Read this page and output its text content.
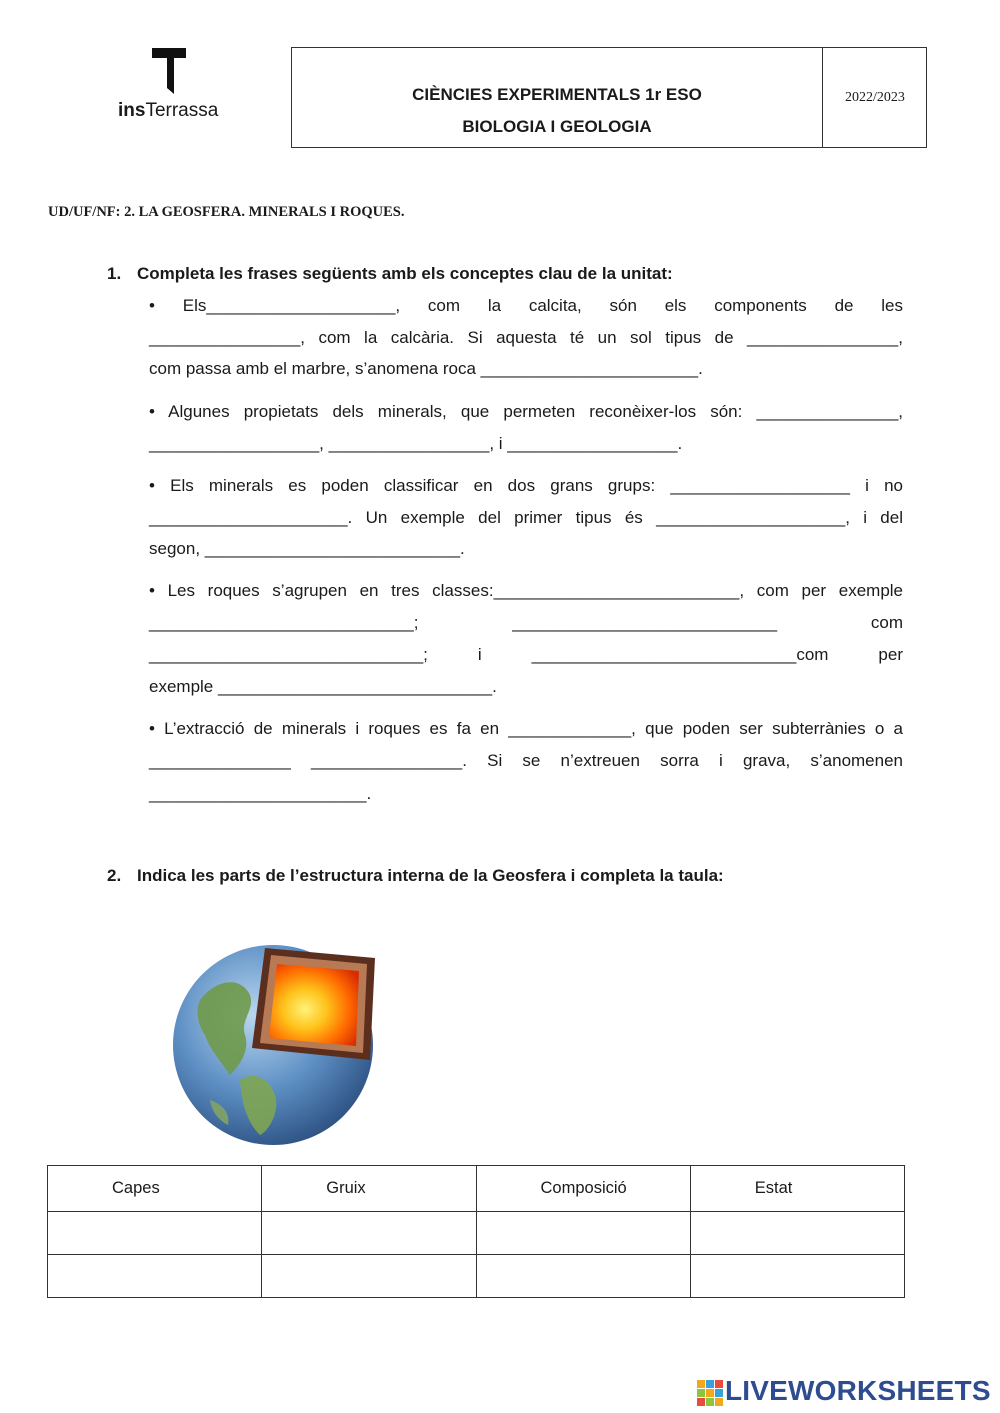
insTerrassa
CIÈNCIES EXPERIMENTALS 1r ESO
BIOLOGIA I GEOLOGIA
2022/2023
UD/UF/NF: 2. LA GEOSFERA. MINERALS I ROQUES.
1. Completa les frases següents amb els conceptes clau de la unitat:
• Els____________________, com la calcita, són els components de les
________________, com la calcària. Si aquesta té un sol tipus de ________________,
com passa amb el marbre, s’anomena roca _______________________.
• Algunes propietats dels minerals, que permeten reconèixer-los són: _______________,
__________________, _________________, i __________________.
• Els minerals es poden classificar en dos grans grups: ___________________ i no
_____________________. Un exemple del primer tipus és ____________________, i del
segon, ___________________________.
• Les roques s’agrupen en tres classes:__________________________, com per exemple
____________________________; ____________________________ com
_____________________________; i ____________________________com per
exemple _____________________________.
• L’extracció de minerals i roques es fa en _____________, que poden ser subterrànies o a
_______________ ________________. Si se n’extreuen sorra i grava, s’anomenen
_______________________.
2. Indica les parts de l’estructura interna de la Geosfera i completa la taula:
Capes	Gruix	Composició	Estat

LIVEWORKSHEETS
